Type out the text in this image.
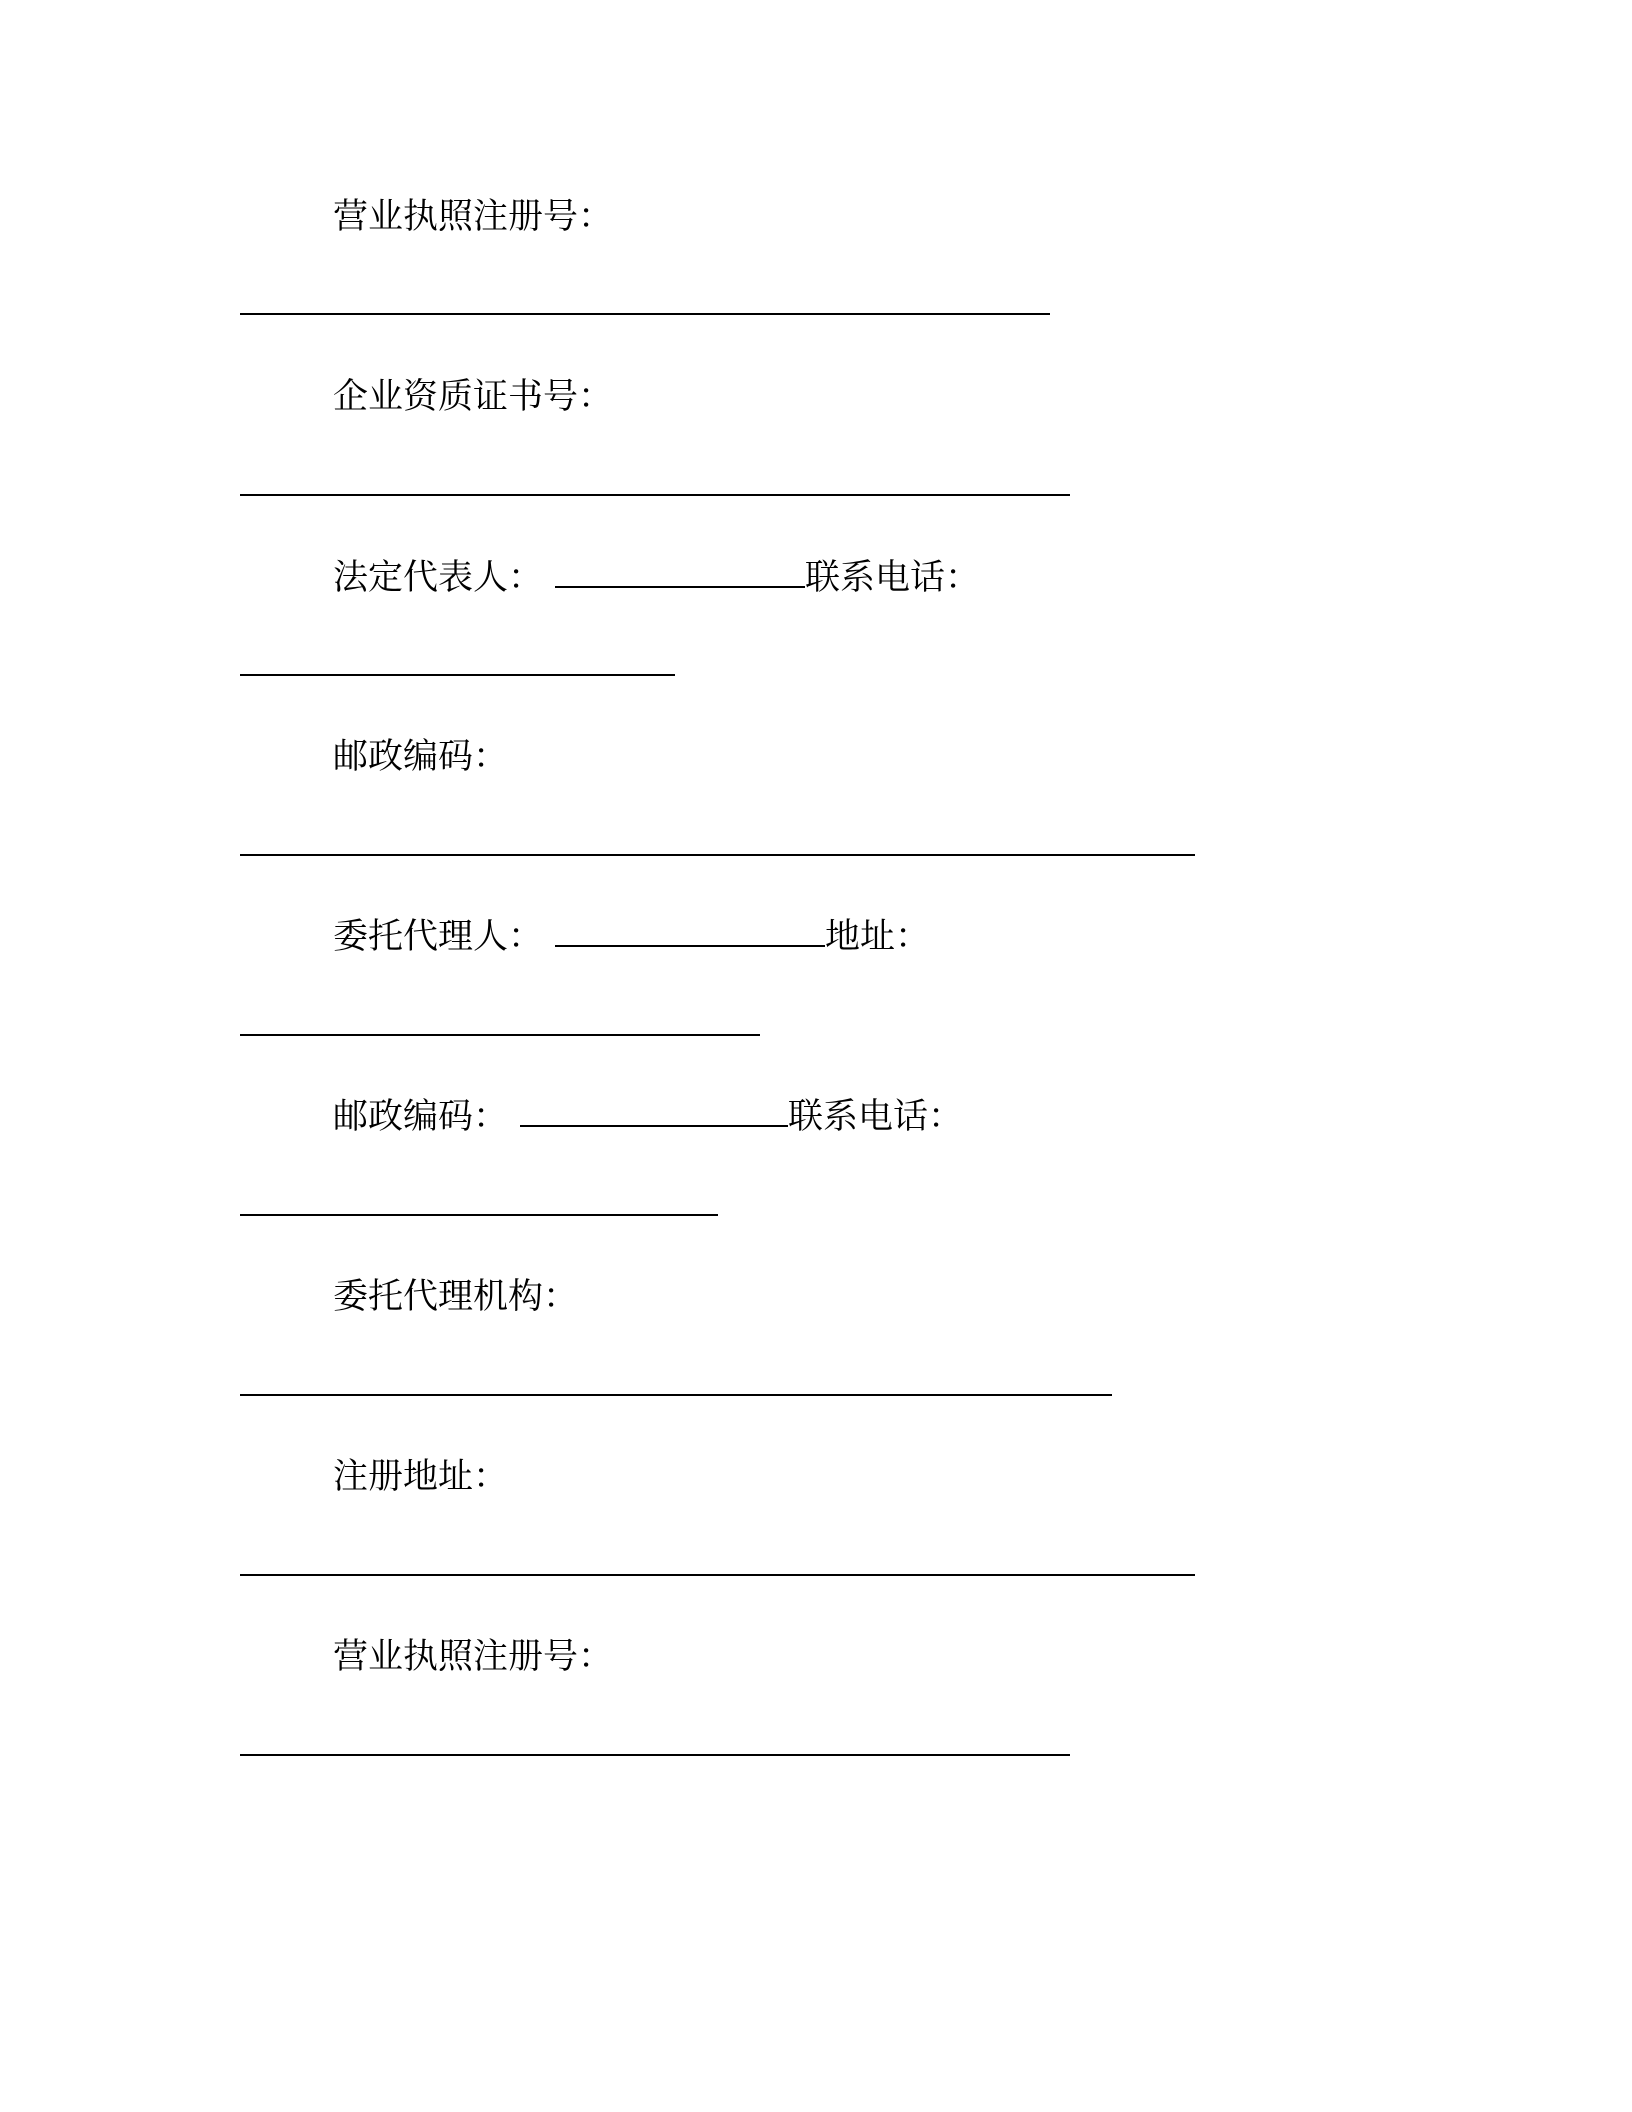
营业执照注册号：
企业资质证书号：
法定代表人：	联系电话：
邮政编码：
委托代理人：	地址：
邮政编码：	联系电话：
委托代理机构：
注册地址：
营业执照注册号：
